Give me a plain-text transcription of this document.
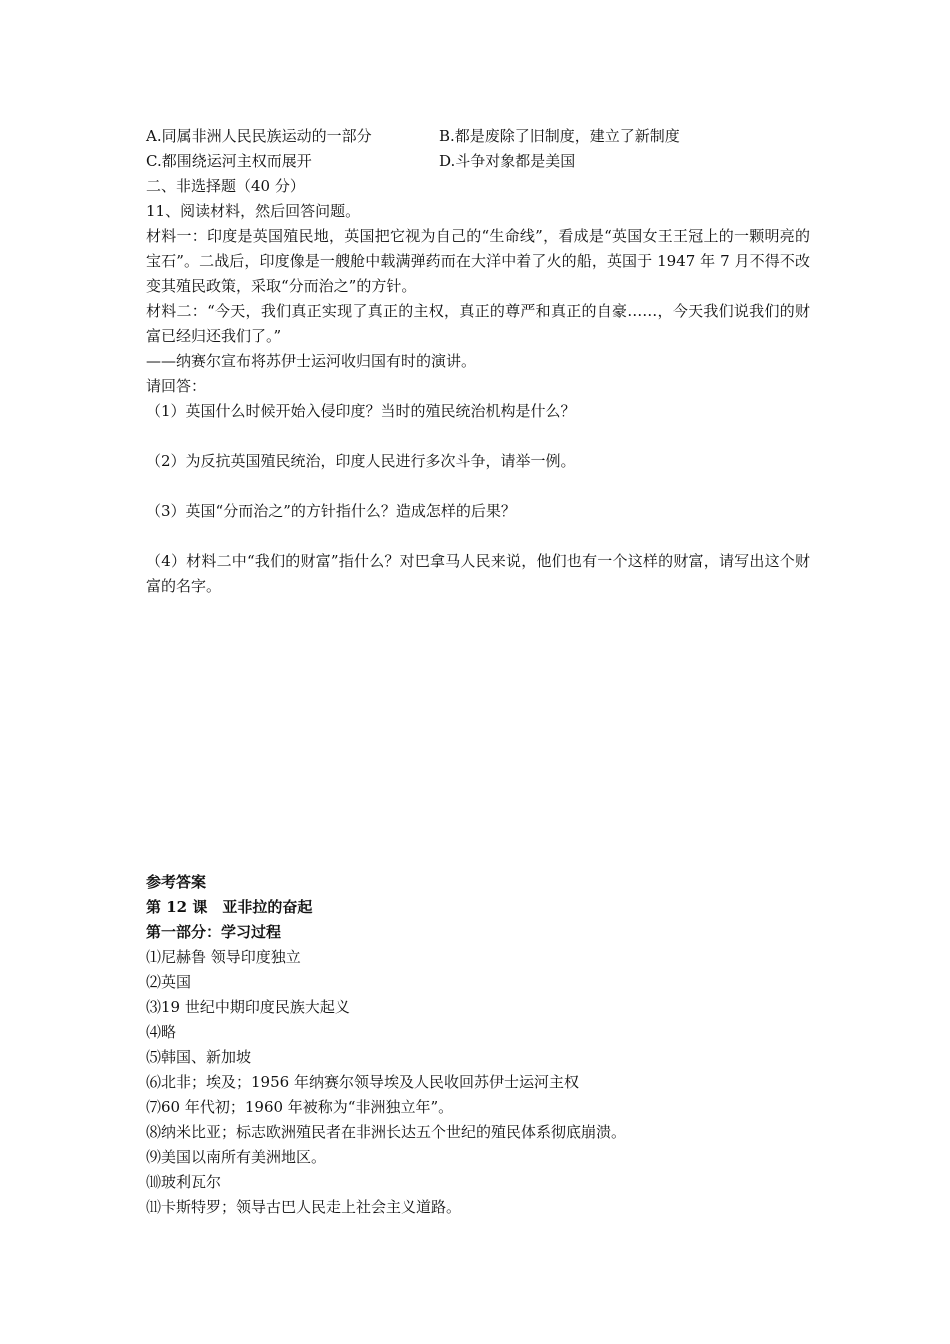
A.同属非洲人民民族运动的一部分	B.都是废除了旧制度，建立了新制度
C.都围绕运河主权而展开	D.斗争对象都是美国
二、非选择题（40 分）
11、阅读材料，然后回答问题。
材料一：印度是英国殖民地，英国把它视为自己的“生命线”，看成是“英国女王王冠上的一颗明亮的宝石”。二战后，印度像是一艘舱中载满弹药而在大洋中着了火的船，英国于 1947 年 7 月不得不改变其殖民政策，采取“分而治之”的方针。
材料二：“今天，我们真正实现了真正的主权，真正的尊严和真正的自豪……，今天我们说我们的财富已经归还我们了。”
——纳赛尔宣布将苏伊士运河收归国有时的演讲。
请回答：
（1）英国什么时候开始入侵印度？当时的殖民统治机构是什么？
（2）为反抗英国殖民统治，印度人民进行多次斗争，请举一例。
（3）英国“分而治之”的方针指什么？造成怎样的后果？
（4）材料二中“我们的财富”指什么？对巴拿马人民来说，他们也有一个这样的财富，请写出这个财富的名字。
参考答案
第 12 课　亚非拉的奋起
第一部分：学习过程
⑴尼赫鲁 领导印度独立
⑵英国
⑶19 世纪中期印度民族大起义
⑷略
⑸韩国、新加坡
⑹北非；埃及；1956 年纳赛尔领导埃及人民收回苏伊士运河主权
⑺60 年代初；1960 年被称为“非洲独立年”。
⑻纳米比亚；标志欧洲殖民者在非洲长达五个世纪的殖民体系彻底崩溃。
⑼美国以南所有美洲地区。
⑽玻利瓦尔
⑾卡斯特罗；领导古巴人民走上社会主义道路。
